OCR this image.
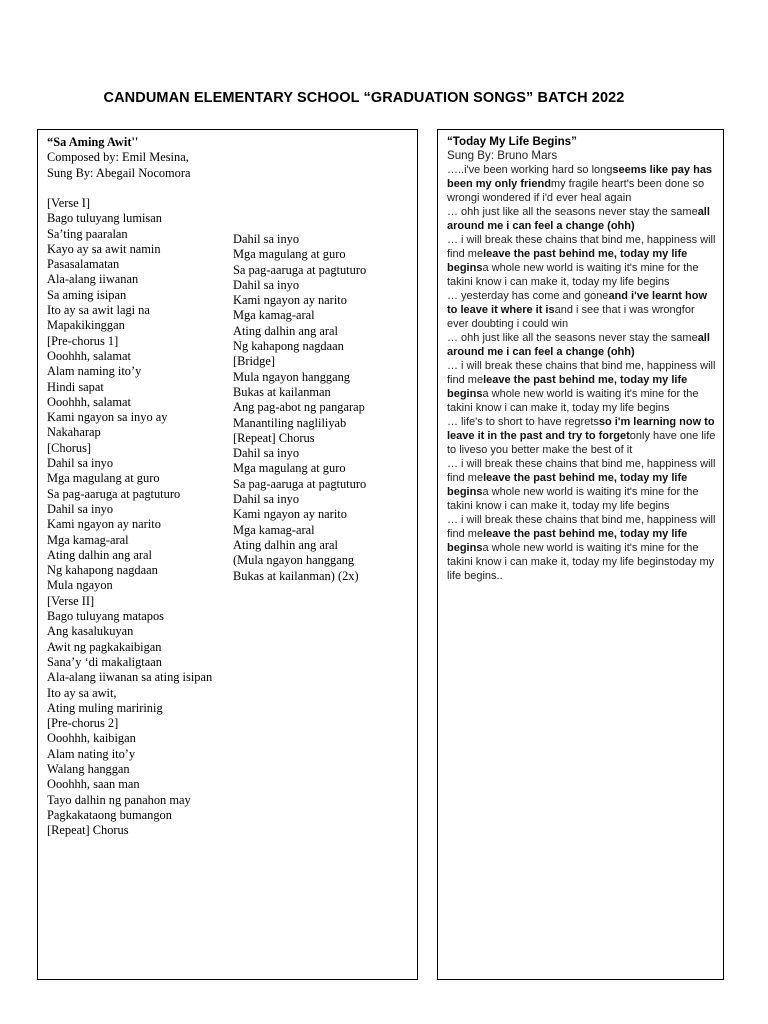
CANDUMAN ELEMENTARY SCHOOL “GRADUATION SONGS” BATCH 2022
“Sa Aming Awit''
Composed by: Emil Mesina,
Sung By: Abegail Nocomora
[Verse I]
Bago tuluyang lumisan
Sa’ting paaralan
Kayo ay sa awit namin
Pasasalamatan
Ala-alang iiwanan
Sa aming isipan
Ito ay sa awit lagi na
Mapakikinggan
[Pre-chorus 1]
Ooohhh, salamat
Alam naming ito’y
Hindi sapat
Ooohhh, salamat
Kami ngayon sa inyo ay
Nakaharap
[Chorus]
Dahil sa inyo
Mga magulang at guro
Sa pag-aaruga at pagtuturo
Dahil sa inyo
Kami ngayon ay narito
Mga kamag-aral
Ating dalhin ang aral
Ng kahapong nagdaan
Mula ngayon
[Verse II]
Bago tuluyang matapos
Ang kasalukuyan
Awit ng pagkakaibigan
Sana’y ‘di makaligtaan
Ala-alang iiwanan sa ating isipan
Ito ay sa awit,
Ating muling maririnig
[Pre-chorus 2]
Ooohhh, kaibigan
Alam nating ito’y
Walang hanggan
Ooohhh, saan man
Tayo dalhin ng panahon may
Pagkakataong bumangon
[Repeat] Chorus
Dahil sa inyo
Mga magulang at guro
Sa pag-aaruga at pagtuturo
Dahil sa inyo
Kami ngayon ay narito
Mga kamag-aral
Ating dalhin ang aral
Ng kahapong nagdaan
[Bridge]
Mula ngayon hanggang
Bukas at kailanman
Ang pag-abot ng pangarap
Manantiling nagliliyab
[Repeat] Chorus
Dahil sa inyo
Mga magulang at guro
Sa pag-aaruga at pagtuturo
Dahil sa inyo
Kami ngayon ay narito
Mga kamag-aral
Ating dalhin ang aral
(Mula ngayon hanggang
Bukas at kailanman) (2x)
“Today My Life Begins”
Sung By: Bruno Mars

…..i've been working hard so longseems like pay has been my only friendmy fragile heart's been done so wrongi wondered if i'd ever heal again

… ohh just like all the seasons never stay the sameall around me i can feel a change (ohh)

… i will break these chains that bind me, happiness will find meleave the past behind me, today my life beginsa whole new world is waiting it's mine for the takini know i can make it, today my life begins

… yesterday has come and goneand i've learnt how to leave it where it isand i see that i was wrongfor ever doubting i could win

… ohh just like all the seasons never stay the sameall around me i can feel a change (ohh)

… i will break these chains that bind me, happiness will find meleave the past behind me, today my life beginsa whole new world is waiting it's mine for the takini know i can make it, today my life begins

… life's to short to have regretsso i'm learning now to leave it in the past and try to forgetonly have one life to liveso you better make the best of it

… i will break these chains that bind me, happiness will find meleave the past behind me, today my life beginsa whole new world is waiting it's mine for the takini know i can make it, today my life begins

… i will break these chains that bind me, happiness will find meleave the past behind me, today my life beginsa whole new world is waiting it's mine for the takini know i can make it, today my life beginstoday my life begins..
